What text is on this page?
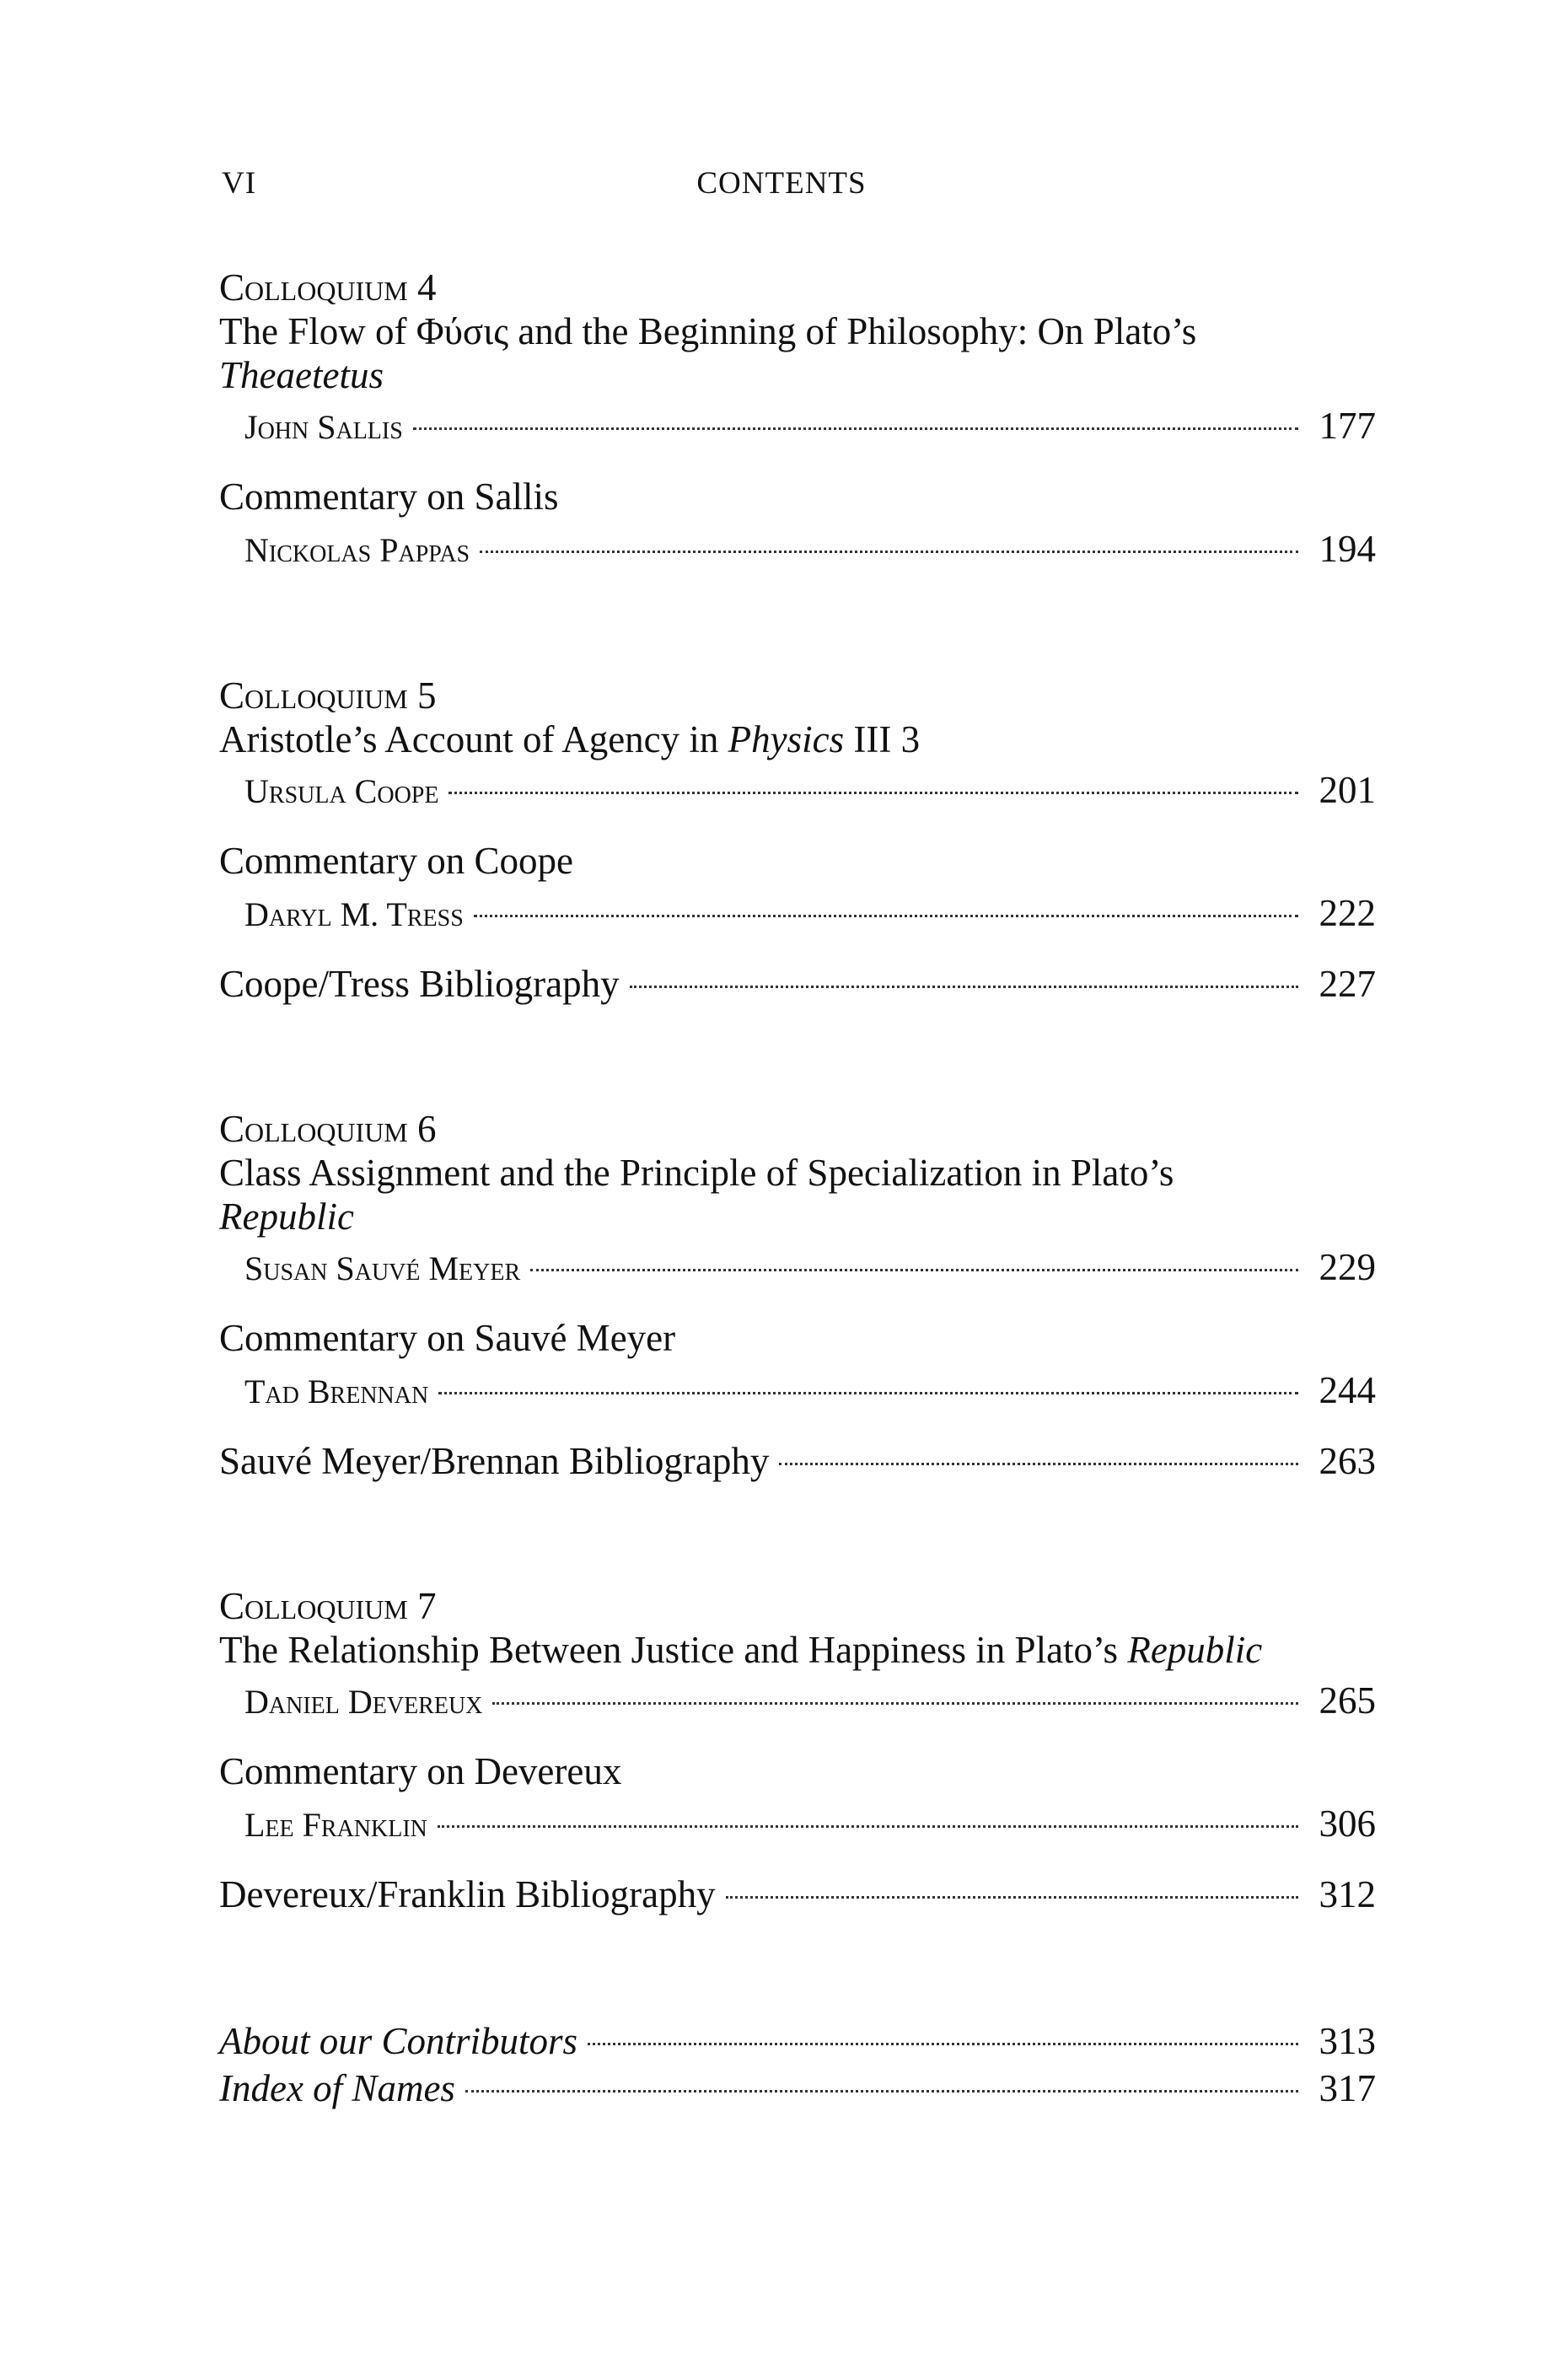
VI	CONTENTS
Colloquium 4
The Flow of Φύσις and the Beginning of Philosophy: On Plato’s
Theaetetus
John Sallis	177
Commentary on Sallis
Nickolas Pappas	194
Colloquium 5
Aristotle’s Account of Agency in Physics III 3
Ursula Coope	201
Commentary on Coope
Daryl M. Tress	222
Coope/Tress Bibliography	227
Colloquium 6
Class Assignment and the Principle of Specialization in Plato’s
Republic
Susan Sauvé Meyer	229
Commentary on Sauvé Meyer
Tad Brennan	244
Sauvé Meyer/Brennan Bibliography	263
Colloquium 7
The Relationship Between Justice and Happiness in Plato’s Republic
Daniel Devereux	265
Commentary on Devereux
Lee Franklin	306
Devereux/Franklin Bibliography	312
About our Contributors	313
Index of Names	317
